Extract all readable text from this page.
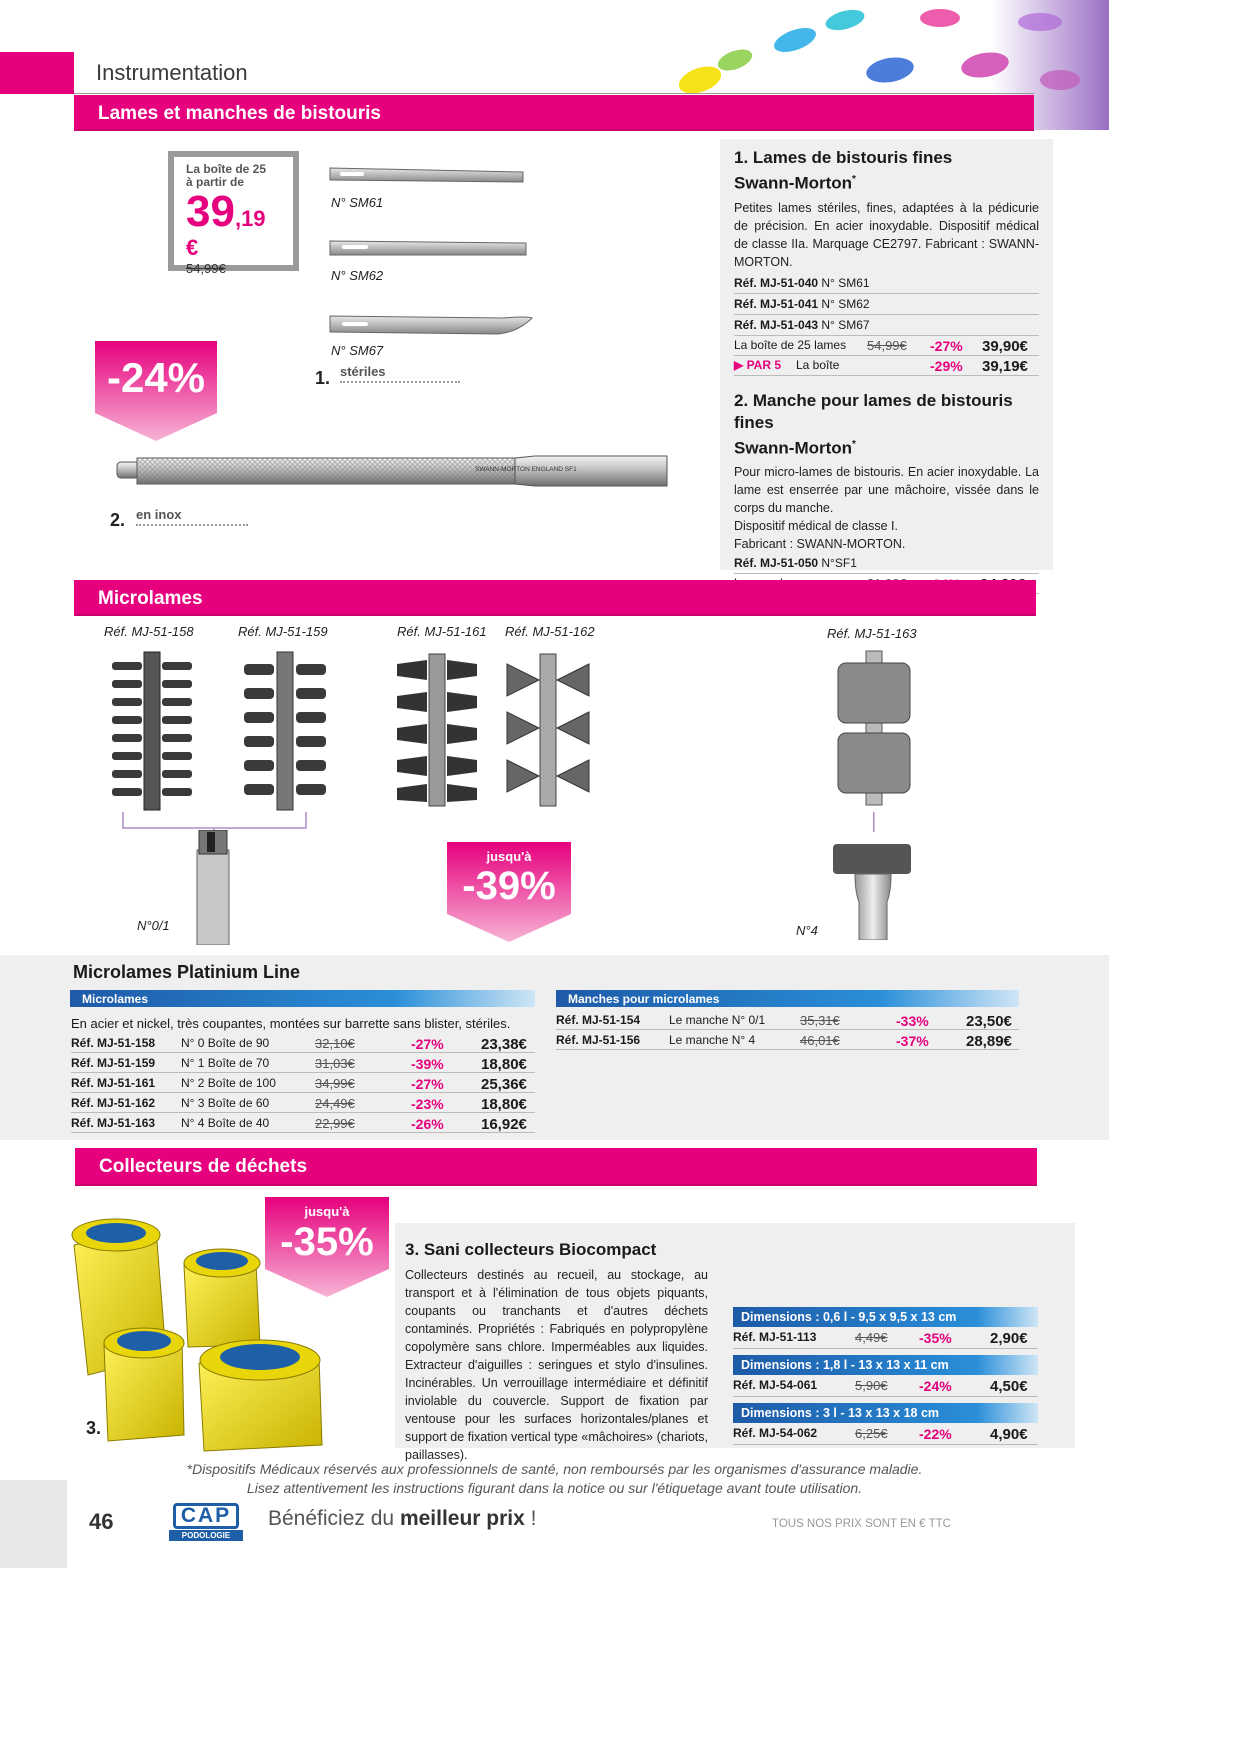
Instrumentation
Lames et manches de bistouris
La boîte de 25
à partir de
39,19 €
54,99€
-24%
N° SM61
N° SM62
N° SM67
1. stériles
SWANN-MORTON ENGLAND SF1
2. en inox
1. Lames de bistouris fines
Swann-Morton*
Petites lames stériles, fines, adaptées à la pédicurie de précision. En acier inoxydable. Dispositif médical de classe IIa. Marquage CE2797. Fabricant : SWANN-MORTON.
Réf. MJ-51-040 N° SM61
Réf. MJ-51-041 N° SM62
Réf. MJ-51-043 N° SM67
La boîte de 25 lames 54,99€ -27% 39,90€
▶ PAR 5 La boîte	-29% 39,19€
2. Manche pour lames de bistouris fines
Swann-Morton*
Pour micro-lames de bistouris. En acier inoxydable. La lame est enserrée par une mâchoire, vissée dans le corps du manche.
Dispositif médical de classe I.
Fabricant : SWANN-MORTON.
Réf. MJ-51-050 N°SF1
Microlames
Réf. MJ-51-158	Réf. MJ-51-159	Réf. MJ-51-161 Réf. MJ-51-162	Réf. MJ-51-163
N°0/1	N°4
jusqu'à
-39%
Microlames Platinium Line
Microlames
En acier et nickel, très coupantes, montées sur barrette sans blister, stériles.
Réf. MJ-51-158 N° 0 Boîte de 90	32,10€	-27% 23,38€
Réf. MJ-51-159 N° 1 Boîte de 70	31,03€	-39% 18,80€
Réf. MJ-51-161 N° 2 Boîte de 100	34,99€	-27% 25,36€
Réf. MJ-51-162 N° 3 Boîte de 60	24,49€	-23% 18,80€
Réf. MJ-51-163 N° 4 Boîte de 40	22,99€	-26% 16,92€
Manches pour microlames
Réf. MJ-51-154 Le manche N° 0/1	35,31€	-33% 23,50€
Réf. MJ-51-156 Le manche N° 4	46,01€	-37% 28,89€
Collecteurs de déchets
3.
jusqu'à
-35%	3. Sani collecteurs Biocompact
Collecteurs destinés au recueil, au stockage, au transport et à l'élimination de tous objets piquants, coupants ou tranchants et d'autres déchets contaminés. Propriétés : Fabriqués en polypropylène copolymère sans chlore. Imperméables aux liquides. Extracteur d'aiguilles : seringues et stylo d'insulines. Incinérables. Un verrouillage intermédiaire et définitif inviolable du couvercle. Support de fixation par ventouse pour les surfaces horizontales/planes et support de fixation vertical type «mâchoires» (chariots, paillasses).
Dimensions : 0,6 l - 9,5 x 9,5 x 13 cm
Réf. MJ-51-113	4,49€ -35%	2,90€
Dimensions : 1,8 l - 13 x 13 x 11 cm
Réf. MJ-54-061	5,90€ -24%	4,50€
Dimensions : 3 l - 13 x 13 x 18 cm
Réf. MJ-54-062	6,25€ -22%	4,90€
*Dispositifs Médicaux réservés aux professionnels de santé, non remboursés par les organismes d'assurance maladie.
Lisez attentivement les instructions figurant dans la notice ou sur l'étiquetage avant toute utilisation.
46	CAP
PODOLOGIE
Bénéficiez du meilleur prix !	TOUS NOS PRIX SONT EN € TTC
